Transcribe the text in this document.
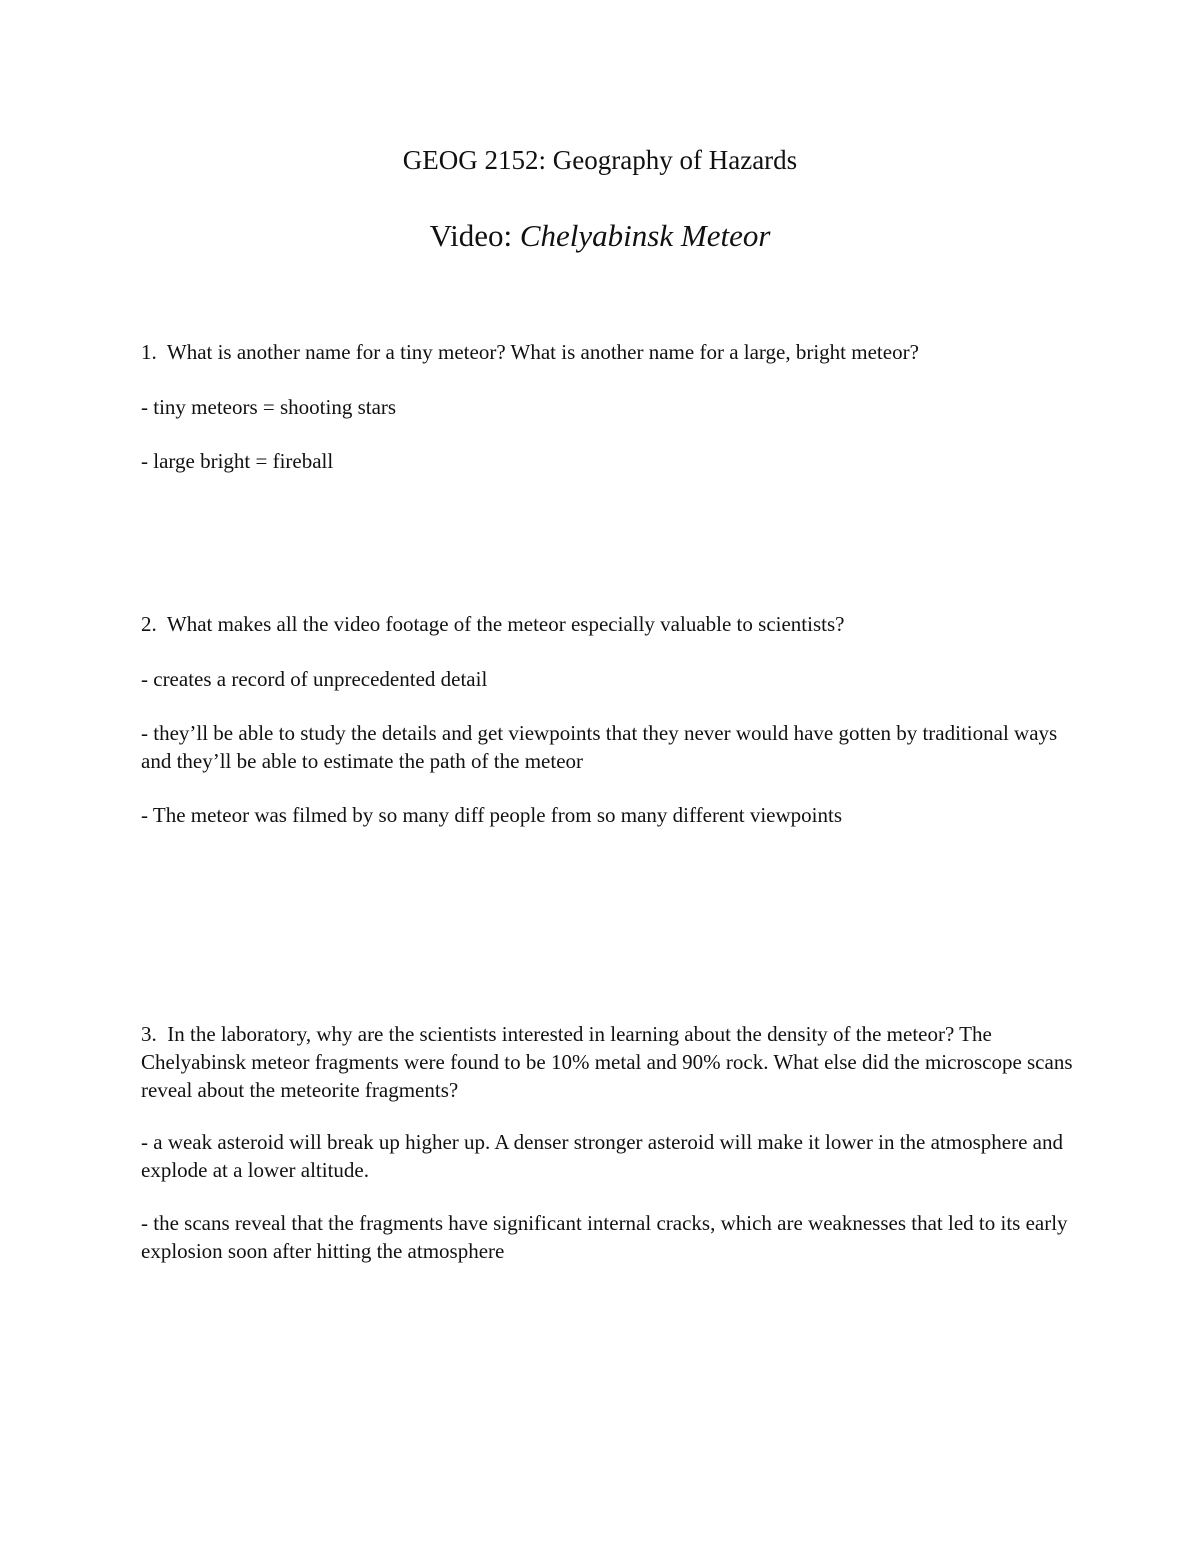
GEOG 2152: Geography of Hazards
Video: Chelyabinsk Meteor

1. What is another name for a tiny meteor? What is another name for a large, bright meteor?

- tiny meteors = shooting stars

- large bright = fireball

2. What makes all the video footage of the meteor especially valuable to scientists?

- creates a record of unprecedented detail

- they’ll be able to study the details and get viewpoints that they never would have gotten by traditional ways and they’ll be able to estimate the path of the meteor

- The meteor was filmed by so many diff people from so many different viewpoints

3. In the laboratory, why are the scientists interested in learning about the density of the meteor? The Chelyabinsk meteor fragments were found to be 10% metal and 90% rock. What else did the microscope scans reveal about the meteorite fragments?

- a weak asteroid will break up higher up. A denser stronger asteroid will make it lower in the atmosphere and explode at a lower altitude.

- the scans reveal that the fragments have significant internal cracks, which are weaknesses that led to its early explosion soon after hitting the atmosphere
